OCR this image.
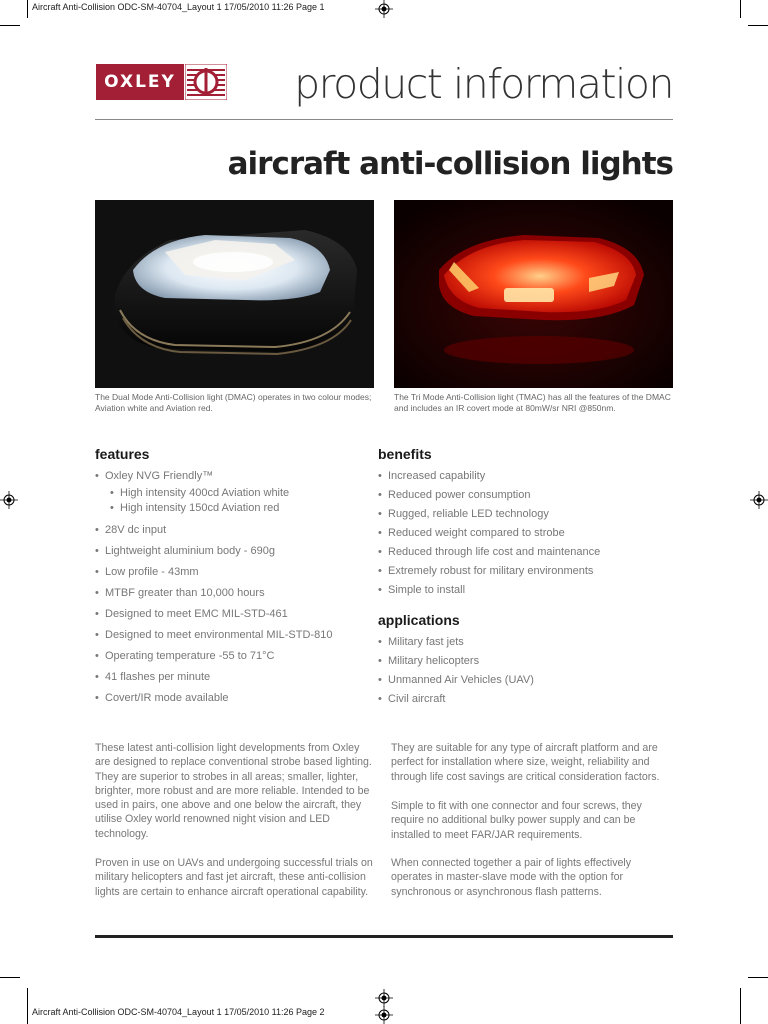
Aircraft Anti-Collision ODC-SM-40704_Layout 1 17/05/2010 11:26 Page 1
Aircraft Anti-Collision ODC-SM-40704_Layout 1 17/05/2010 11:26 Page 2
OXLEY	product information
aircraft anti-collision lights
The Dual Mode Anti-Collision light (DMAC) operates in two colour modes; Aviation white and Aviation red.
The Tri Mode Anti-Collision light (TMAC) has all the features of the DMAC and includes an IR covert mode at 80mW/sr NRI @850nm.
features
• Oxley NVG Friendly™
• High intensity 400cd Aviation white
• High intensity 150cd Aviation red
• 28V dc input
• Lightweight aluminium body - 690g
• Low profile - 43mm
• MTBF greater than 10,000 hours
• Designed to meet EMC MIL-STD-461
• Designed to meet environmental MIL-STD-810
• Operating temperature -55 to 71°C
• 41 flashes per minute
• Covert/IR mode available
benefits
• Increased capability
• Reduced power consumption
• Rugged, reliable LED technology
• Reduced weight compared to strobe
• Reduced through life cost and maintenance
• Extremely robust for military environments
• Simple to install
applications
• Military fast jets
• Military helicopters
• Unmanned Air Vehicles (UAV)
• Civil aircraft
These latest anti-collision light developments from Oxley are designed to replace conventional strobe based lighting. They are superior to strobes in all areas; smaller, lighter, brighter, more robust and are more reliable. Intended to be used in pairs, one above and one below the aircraft, they utilise Oxley world renowned night vision and LED technology.
Proven in use on UAVs and undergoing successful trials on military helicopters and fast jet aircraft, these anti-collision lights are certain to enhance aircraft operational capability.
They are suitable for any type of aircraft platform and are perfect for installation where size, weight, reliability and through life cost savings are critical consideration factors.
Simple to fit with one connector and four screws, they require no additional bulky power supply and can be installed to meet FAR/JAR requirements.
When connected together a pair of lights effectively operates in master-slave mode with the option for synchronous or asynchronous flash patterns.
